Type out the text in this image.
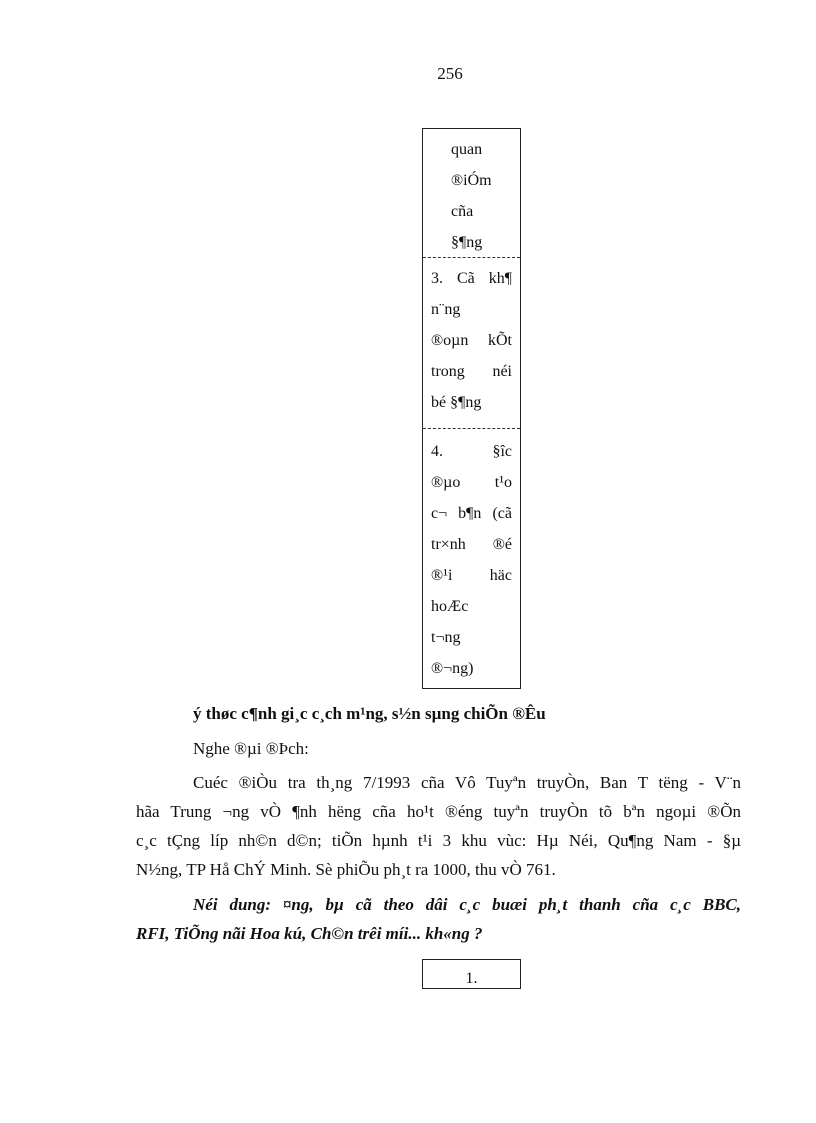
256

quan

®iÓm

cña

§¶ng

3. Cã kh¶

n¨ng

®oµn kÕt

trong néi

bé §¶ng

4. §îc

®µo t¹o

c¬ b¶n (cã

tr×nh ®é

®¹i häc

hoÆc

t¬ng

®¬ng)

ý thøc c¶nh gi¸c c¸ch m¹ng, s½n sµng chiÕn ®Êu
Nghe ®µi ®Þch:
Cuéc ®iÒu tra th¸ng 7/1993 cña Vô Tuyªn truyÒn, Ban T tëng - V¨n
hãa Trung ¬ng vÒ ¶nh hëng cña ho¹t ®éng tuyªn truyÒn tõ bªn ngoµi ®Õn
c¸c tÇng líp nh©n d©n; tiÕn hµnh t¹i 3 khu vùc: Hµ Néi, Qu¶ng Nam - §µ
N½ng, TP Hå ChÝ Minh. Sè phiÕu ph¸t ra 1000, thu vÒ 761.
Néi dung: ¤ng, bµ cã theo dâi c¸c buæi ph¸t thanh cña c¸c BBC,
RFI, TiÕng nãi Hoa kú, Ch©n trêi míi... kh«ng ?
1.
